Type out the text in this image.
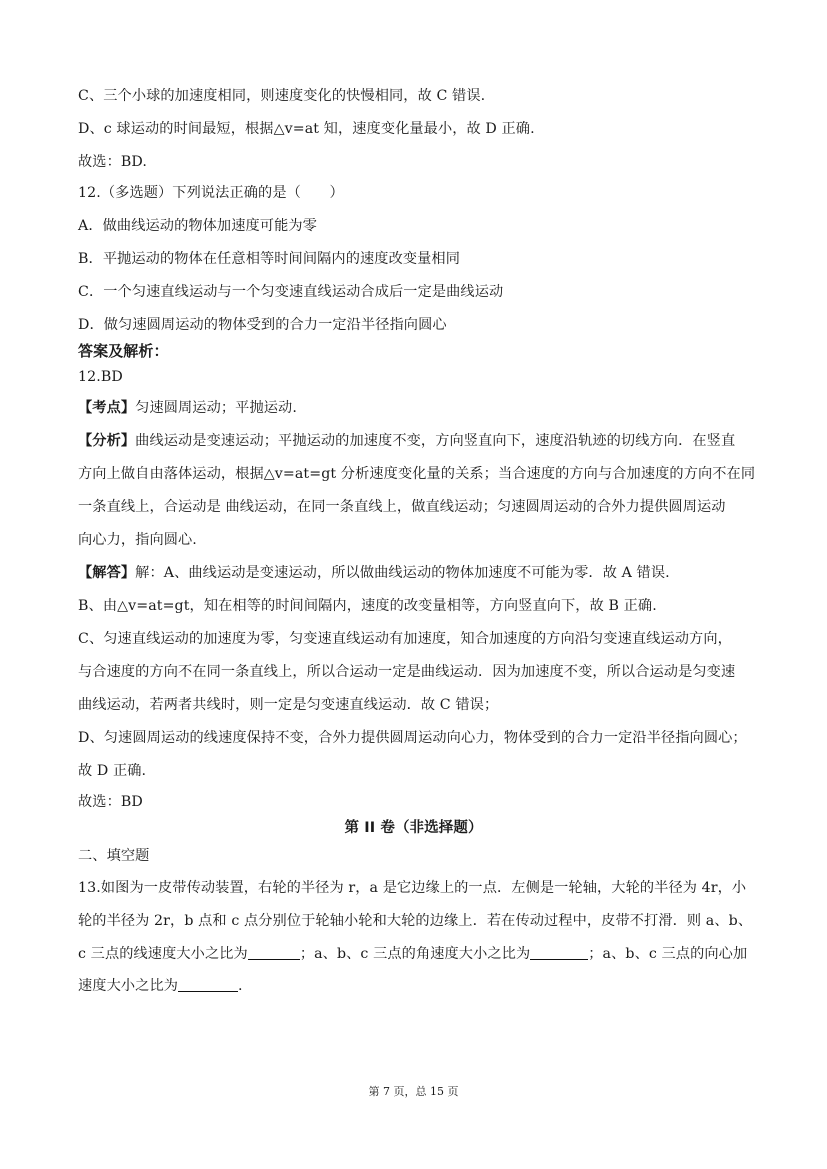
C、三个小球的加速度相同，则速度变化的快慢相同，故 C 错误.
D、c 球运动的时间最短，根据△v=at 知，速度变化量最小，故 D 正确.
故选：BD.
12.（多选题）下列说法正确的是（　　）
A．做曲线运动的物体加速度可能为零
B．平抛运动的物体在任意相等时间间隔内的速度改变量相同
C．一个匀速直线运动与一个匀变速直线运动合成后一定是曲线运动
D．做匀速圆周运动的物体受到的合力一定沿半径指向圆心
答案及解析：
12.BD
【考点】匀速圆周运动；平抛运动.
【分析】曲线运动是变速运动；平抛运动的加速度不变，方向竖直向下，速度沿轨迹的切线方向．在竖直
方向上做自由落体运动，根据△v=at=gt 分析速度变化量的关系；当合速度的方向与合加速度的方向不在同
一条直线上，合运动是 曲线运动，在同一条直线上，做直线运动；匀速圆周运动的合外力提供圆周运动
向心力，指向圆心.
【解答】解：A、曲线运动是变速运动，所以做曲线运动的物体加速度不可能为零．故 A 错误.
B、由△v=at=gt，知在相等的时间间隔内，速度的改变量相等，方向竖直向下，故 B 正确.
C、匀速直线运动的加速度为零，匀变速直线运动有加速度，知合加速度的方向沿匀变速直线运动方向，
与合速度的方向不在同一条直线上，所以合运动一定是曲线运动．因为加速度不变，所以合运动是匀变速
曲线运动，若两者共线时，则一定是匀变速直线运动．故 C 错误；
D、匀速圆周运动的线速度保持不变，合外力提供圆周运动向心力，物体受到的合力一定沿半径指向圆心；
故 D 正确.
故选：BD
第 II 卷（非选择题）
二、填空题
13.如图为一皮带传动装置，右轮的半径为 r，a 是它边缘上的一点．左侧是一轮轴，大轮的半径为 4r，小
轮的半径为 2r，b 点和 c 点分别位于轮轴小轮和大轮的边缘上．若在传动过程中，皮带不打滑．则 a、b、
c 三点的线速度大小之比为	；a、b、c 三点的角速度大小之比为	；a、b、c 三点的向心加
速度大小之比为	.
第 7 页，总 15 页
